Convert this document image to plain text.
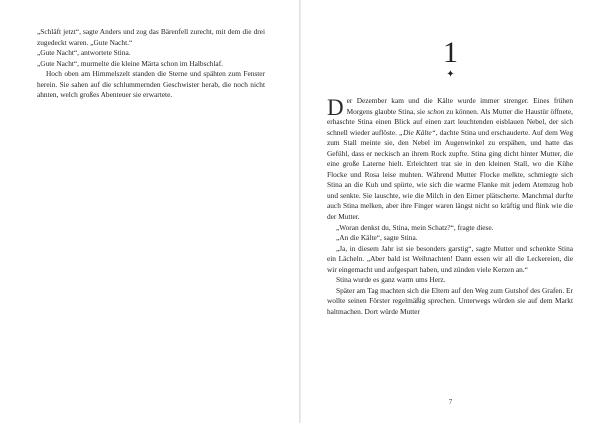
„Schläft jetzt“, sagte Anders und zog das Bärenfell zurecht, mit dem die drei zugedeckt waren. „Gute Nacht.“

„Gute Nacht“, antwortete Stina.

„Gute Nacht“, murmelte die kleine Märta schon im Halbschlaf.

Hoch oben am Himmelszelt standen die Sterne und spähten zum Fenster herein. Sie sahen auf die schlummernden Geschwister herab, die noch nicht ahnten, welch großes Abenteuer sie erwartete.

1
✦

Der Dezember kam und die Kälte wurde immer strenger. Eines frühen Morgens glaubte Stina, sie schon zu können. Als Mutter die Haustür öffnete, erhaschte Stina einen Blick auf einen zart leuchtenden eisblauen Nebel, der sich schnell wieder auflöste. „Die Kälte“, dachte Stina und erschauderte. Auf dem Weg zum Stall meinte sie, den Nebel im Augenwinkel zu erspähen, und hatte das Gefühl, dass er neckisch an ihrem Rock zupfte. Stina ging dicht hinter Mutter, die eine große Laterne hielt. Erleichtert trat sie in den kleinen Stall, wo die Kühe Flocke und Rosa leise muhten. Während Mutter Flocke melkte, schmiegte sich Stina an die Kuh und spürte, wie sich die warme Flanke mit jedem Atemzug hob und senkte. Sie lauschte, wie die Milch in den Eimer plätscherte. Manchmal durfte auch Stina melken, aber ihre Finger waren längst nicht so kräftig und flink wie die der Mutter.

„Woran denkst du, Stina, mein Schatz?“, fragte diese.

„An die Kälte“, sagte Stina.

„Ja, in diesem Jahr ist sie besonders garstig“, sagte Mutter und schenkte Stina ein Lächeln. „Aber bald ist Weihnachten! Dann essen wir all die Leckereien, die wir eingemacht und aufgespart haben, und zünden viele Kerzen an.“

Stina wurde es ganz warm ums Herz.

Später am Tag machten sich die Eltern auf den Weg zum Gutshof des Grafen. Er wollte seinen Förster regelmäßig sprechen. Unterwegs würden sie auf dem Markt haltmachen. Dort würde Mutter

7
